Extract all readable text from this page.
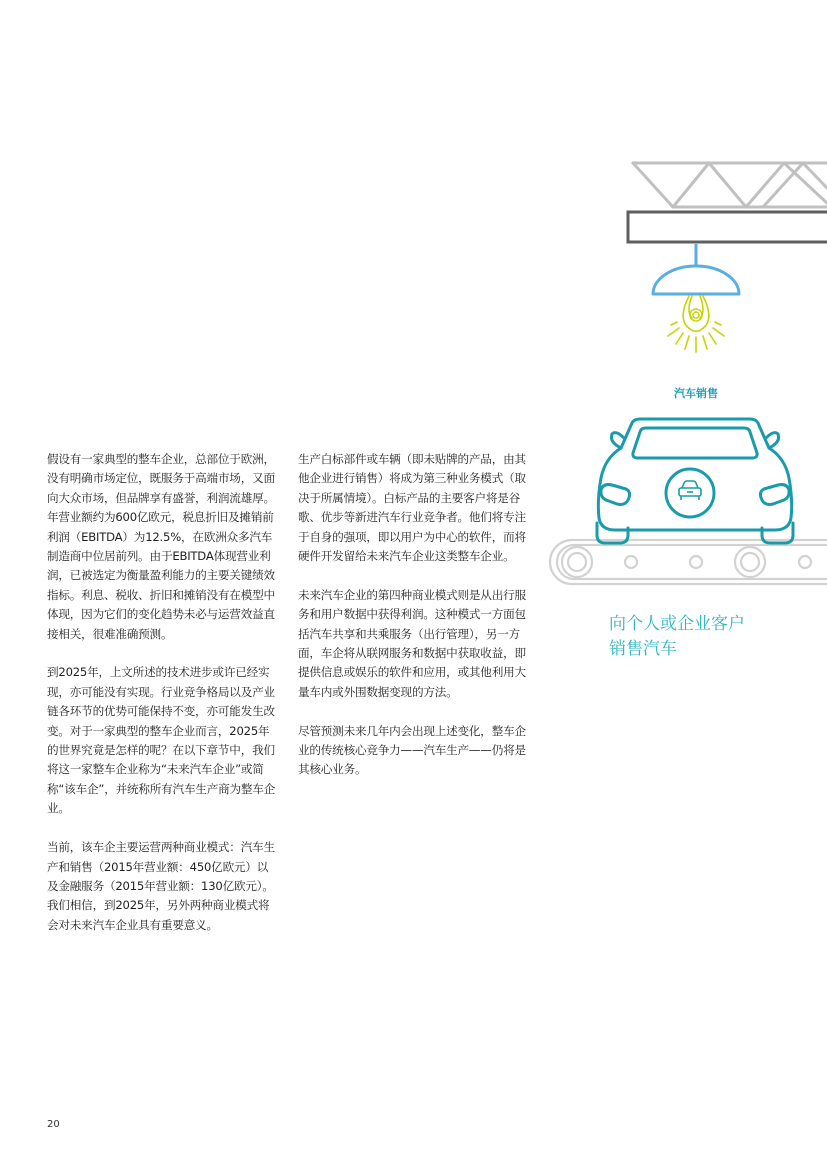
汽车销售
向个人或企业客户
销售汽车

假设有一家典型的整车企业，总部位于欧洲，没有明确市场定位，既服务于高端市场，又面向大众市场，但品牌享有盛誉，利润流雄厚。年营业额约为600亿欧元，税息折旧及摊销前利润（EBITDA）为12.5%，在欧洲众多汽车制造商中位居前列。由于EBITDA体现营业利润，已被选定为衡量盈利能力的主要关键绩效指标。利息、税收、折旧和摊销没有在模型中体现，因为它们的变化趋势未必与运营效益直接相关，很难准确预测。

到2025年，上文所述的技术进步或许已经实现，亦可能没有实现。行业竞争格局以及产业链各环节的优势可能保持不变，亦可能发生改变。对于一家典型的整车企业而言，2025年的世界究竟是怎样的呢？在以下章节中，我们将这一家整车企业称为“未来汽车企业”或简称“该车企”，并统称所有汽车生产商为整车企业。

当前，该车企主要运营两种商业模式：汽车生产和销售（2015年营业额：450亿欧元）以及金融服务（2015年营业额：130亿欧元）。我们相信，到2025年，另外两种商业模式将会对未来汽车企业具有重要意义。

生产白标部件或车辆（即未贴牌的产品，由其他企业进行销售）将成为第三种业务模式（取决于所属情境）。白标产品的主要客户将是谷歌、优步等新进汽车行业竞争者。他们将专注于自身的强项，即以用户为中心的软件，而将硬件开发留给未来汽车企业这类整车企业。

未来汽车企业的第四种商业模式则是从出行服务和用户数据中获得利润。这种模式一方面包括汽车共享和共乘服务（出行管理），另一方面，车企将从联网服务和数据中获取收益，即提供信息或娱乐的软件和应用，或其他利用大量车内或外围数据变现的方法。

尽管预测未来几年内会出现上述变化，整车企业的传统核心竞争力——汽车生产——仍将是其核心业务。

20
